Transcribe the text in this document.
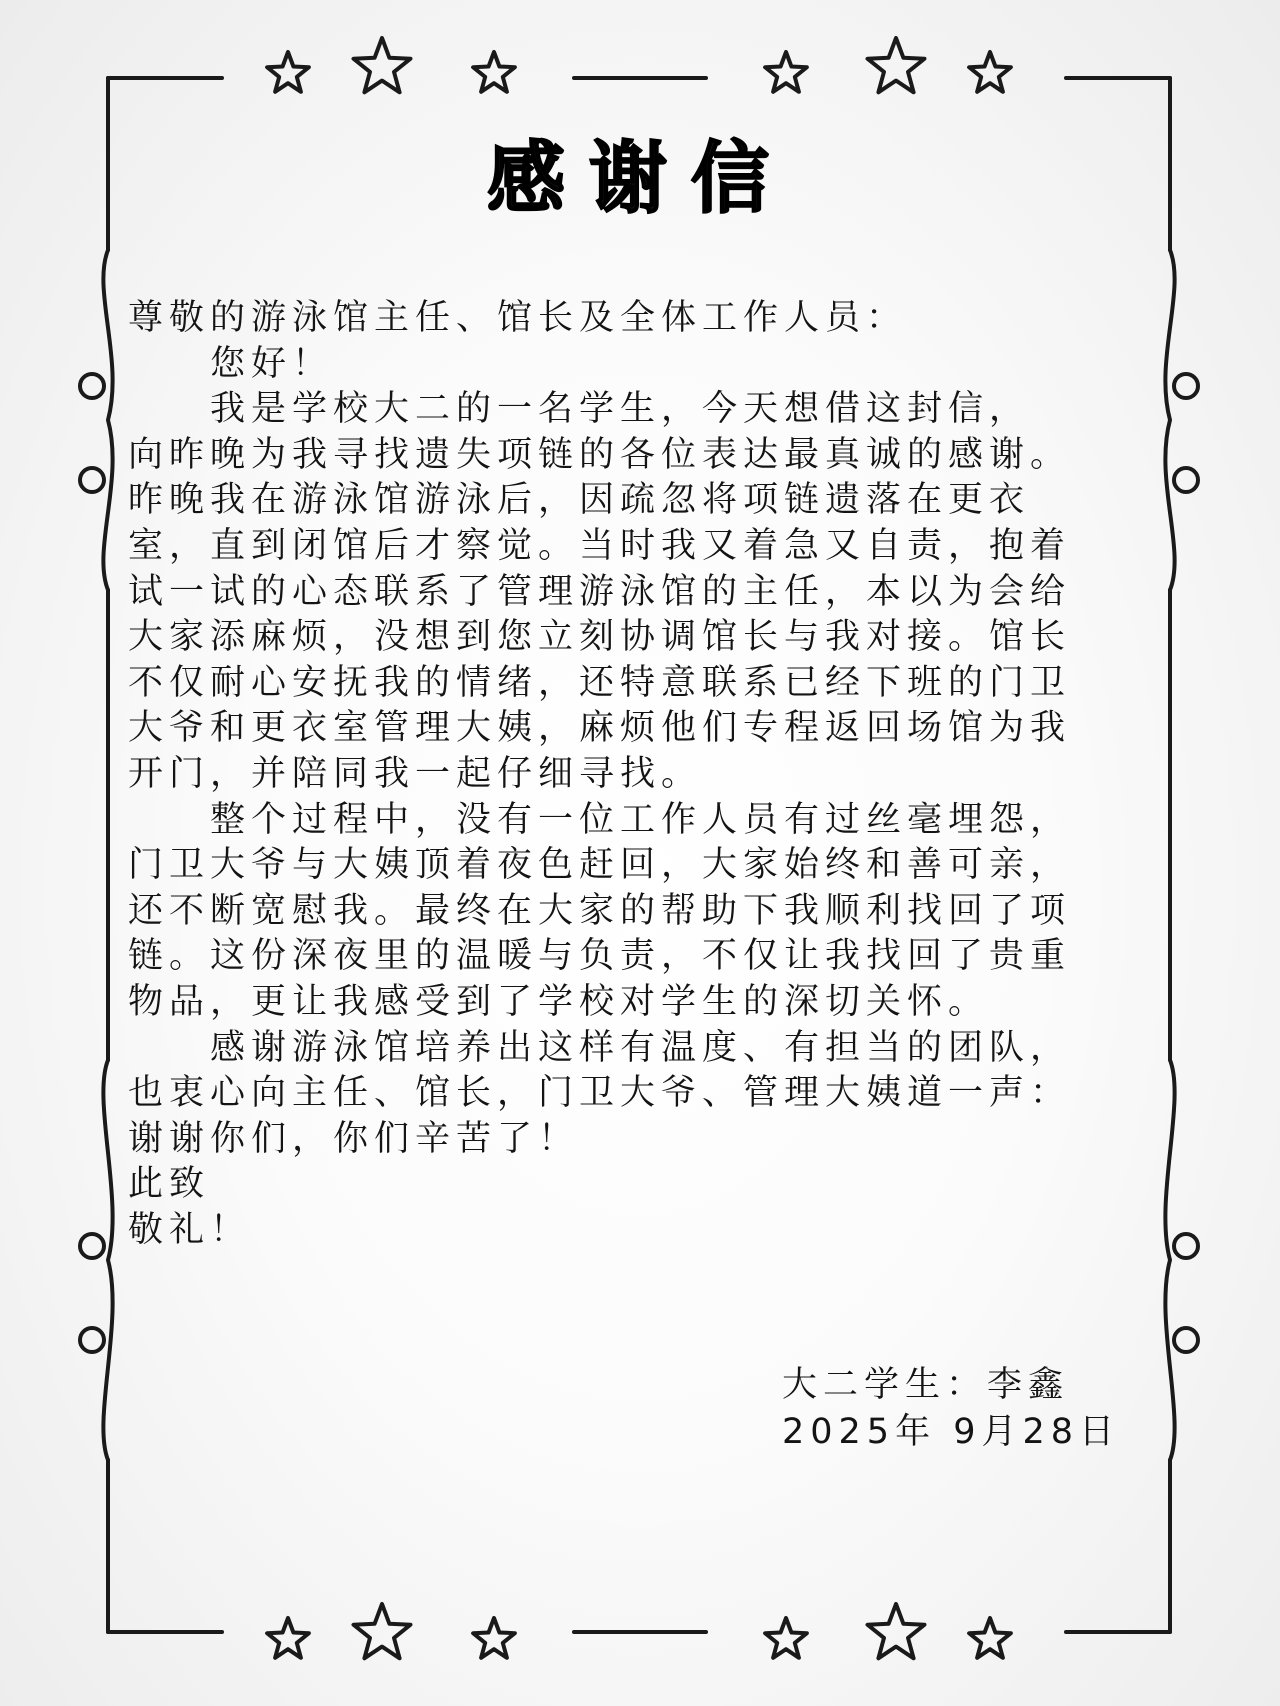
感谢信
尊敬的游泳馆主任、馆长及全体工作人员：
　　您好！
　　我是学校大二的一名学生，今天想借这封信，
向昨晚为我寻找遗失项链的各位表达最真诚的感谢。
昨晚我在游泳馆游泳后，因疏忽将项链遗落在更衣
室，直到闭馆后才察觉。当时我又着急又自责，抱着
试一试的心态联系了管理游泳馆的主任，本以为会给
大家添麻烦，没想到您立刻协调馆长与我对接。馆长
不仅耐心安抚我的情绪，还特意联系已经下班的门卫
大爷和更衣室管理大姨，麻烦他们专程返回场馆为我
开门，并陪同我一起仔细寻找。
　　整个过程中，没有一位工作人员有过丝毫埋怨，
门卫大爷与大姨顶着夜色赶回，大家始终和善可亲，
还不断宽慰我。最终在大家的帮助下我顺利找回了项
链。这份深夜里的温暖与负责，不仅让我找回了贵重
物品，更让我感受到了学校对学生的深切关怀。
　　感谢游泳馆培养出这样有温度、有担当的团队，
也衷心向主任、馆长，门卫大爷、管理大姨道一声：
谢谢你们，你们辛苦了！
此致
敬礼！
大二学生：李鑫
2025年 9月28日
